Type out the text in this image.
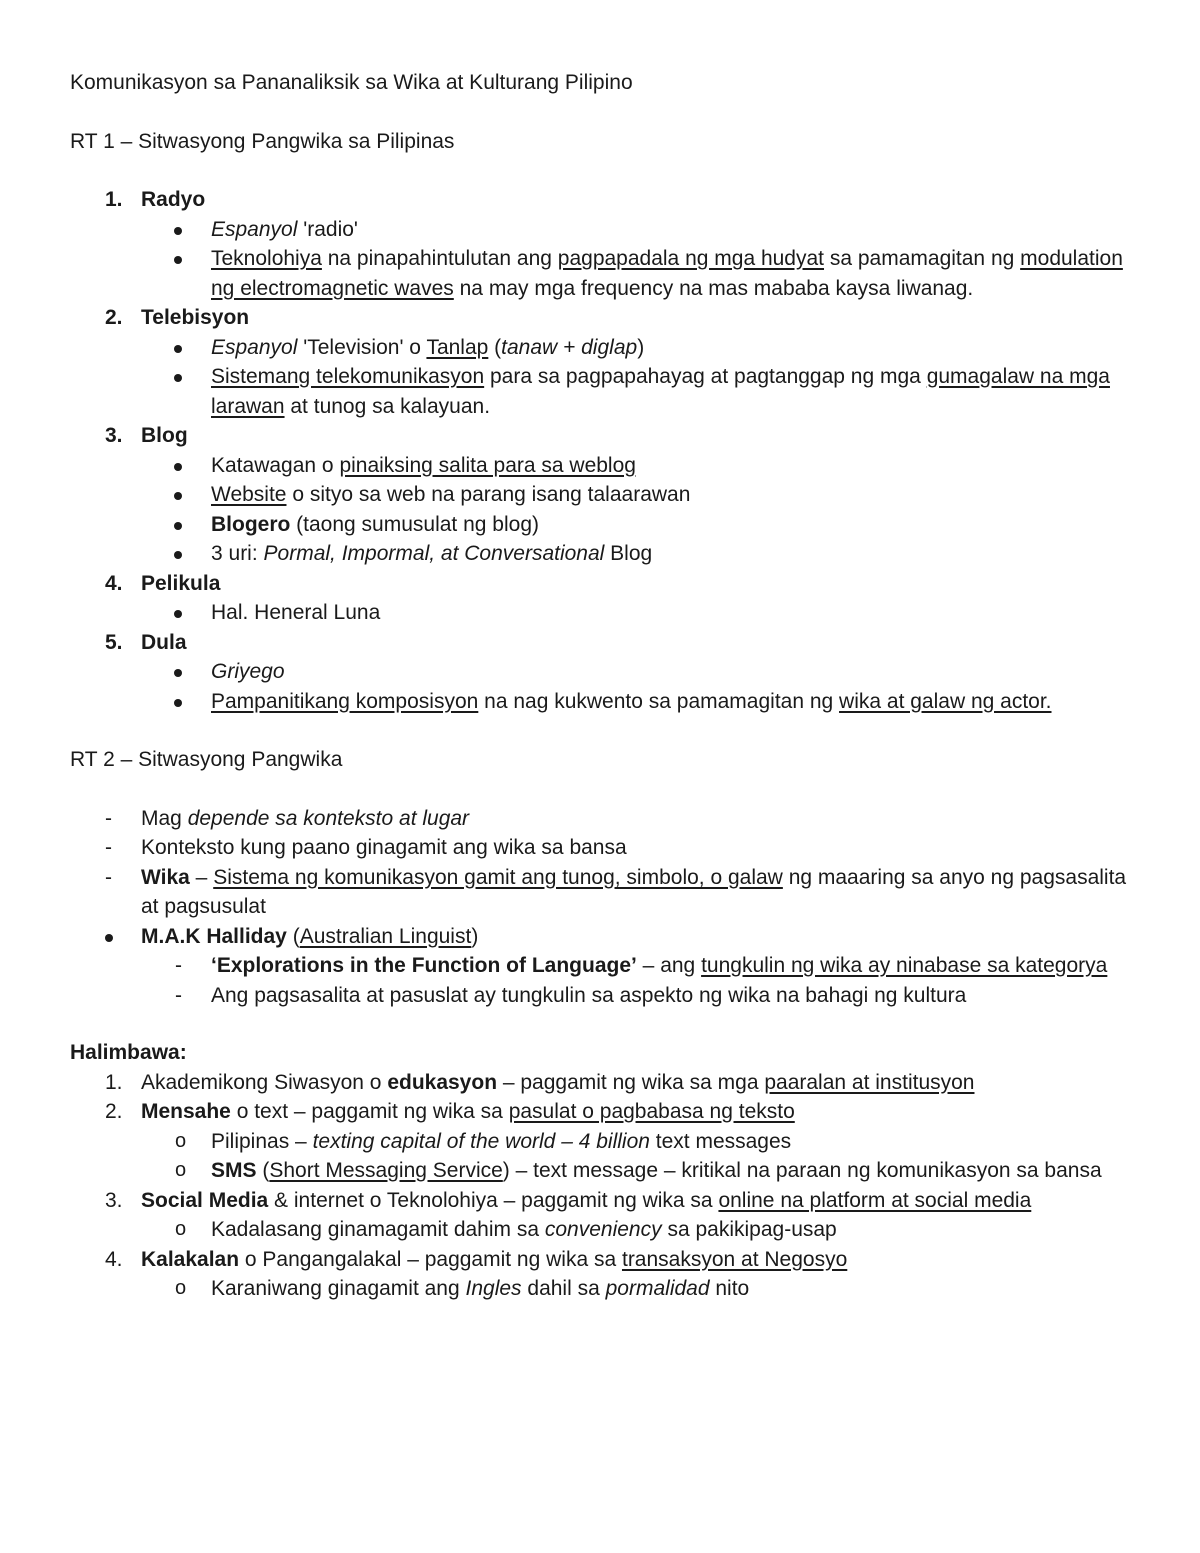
Komunikasyon sa Pananaliksik sa Wika at Kulturang Pilipino

RT 1 – Sitwasyong Pangwika sa Pilipinas

1. Radyo
Espanyol 'radio'
Teknolohiya na pinapahintulutan ang pagpapadala ng mga hudyat sa pamamagitan ng modulation ng electromagnetic waves na may mga frequency na mas mababa kaysa liwanag.
2. Telebisyon
Espanyol 'Television' o Tanlap (tanaw + diglap)
Sistemang telekomunikasyon para sa pagpapahayag at pagtanggap ng mga gumagalaw na mga larawan at tunog sa kalayuan.
3. Blog
Katawagan o pinaiksing salita para sa weblog
Website o sityo sa web na parang isang talaarawan
Blogero (taong sumusulat ng blog)
3 uri: Pormal, Impormal, at Conversational Blog
4. Pelikula
Hal. Heneral Luna
5. Dula
Griyego
Pampanitikang komposisyon na nag kukwento sa pamamagitan ng wika at galaw ng actor.

RT 2 – Sitwasyong Pangwika

- Mag depende sa konteksto at lugar
- Konteksto kung paano ginagamit ang wika sa bansa
- Wika – Sistema ng komunikasyon gamit ang tunog, simbolo, o galaw ng maaaring sa anyo ng pagsasalita at pagsusulat
M.A.K Halliday (Australian Linguist)
- ‘Explorations in the Function of Language’ – ang tungkulin ng wika ay ninabase sa kategorya
- Ang pagsasalita at pasuslat ay tungkulin sa aspekto ng wika na bahagi ng kultura

Halimbawa:

1. Akademikong Siwasyon o edukasyon – paggamit ng wika sa mga paaralan at institusyon
2. Mensahe o text – paggamit ng wika sa pasulat o pagbabasa ng teksto
o Pilipinas – texting capital of the world – 4 billion text messages
o SMS (Short Messaging Service) – text message – kritikal na paraan ng komunikasyon sa bansa
3. Social Media & internet o Teknolohiya – paggamit ng wika sa online na platform at social media
o Kadalasang ginamagamit dahim sa conveniency sa pakikipag-usap
4. Kalakalan o Pangangalakal – paggamit ng wika sa transaksyon at Negosyo
o Karaniwang ginagamit ang Ingles dahil sa pormalidad nito
